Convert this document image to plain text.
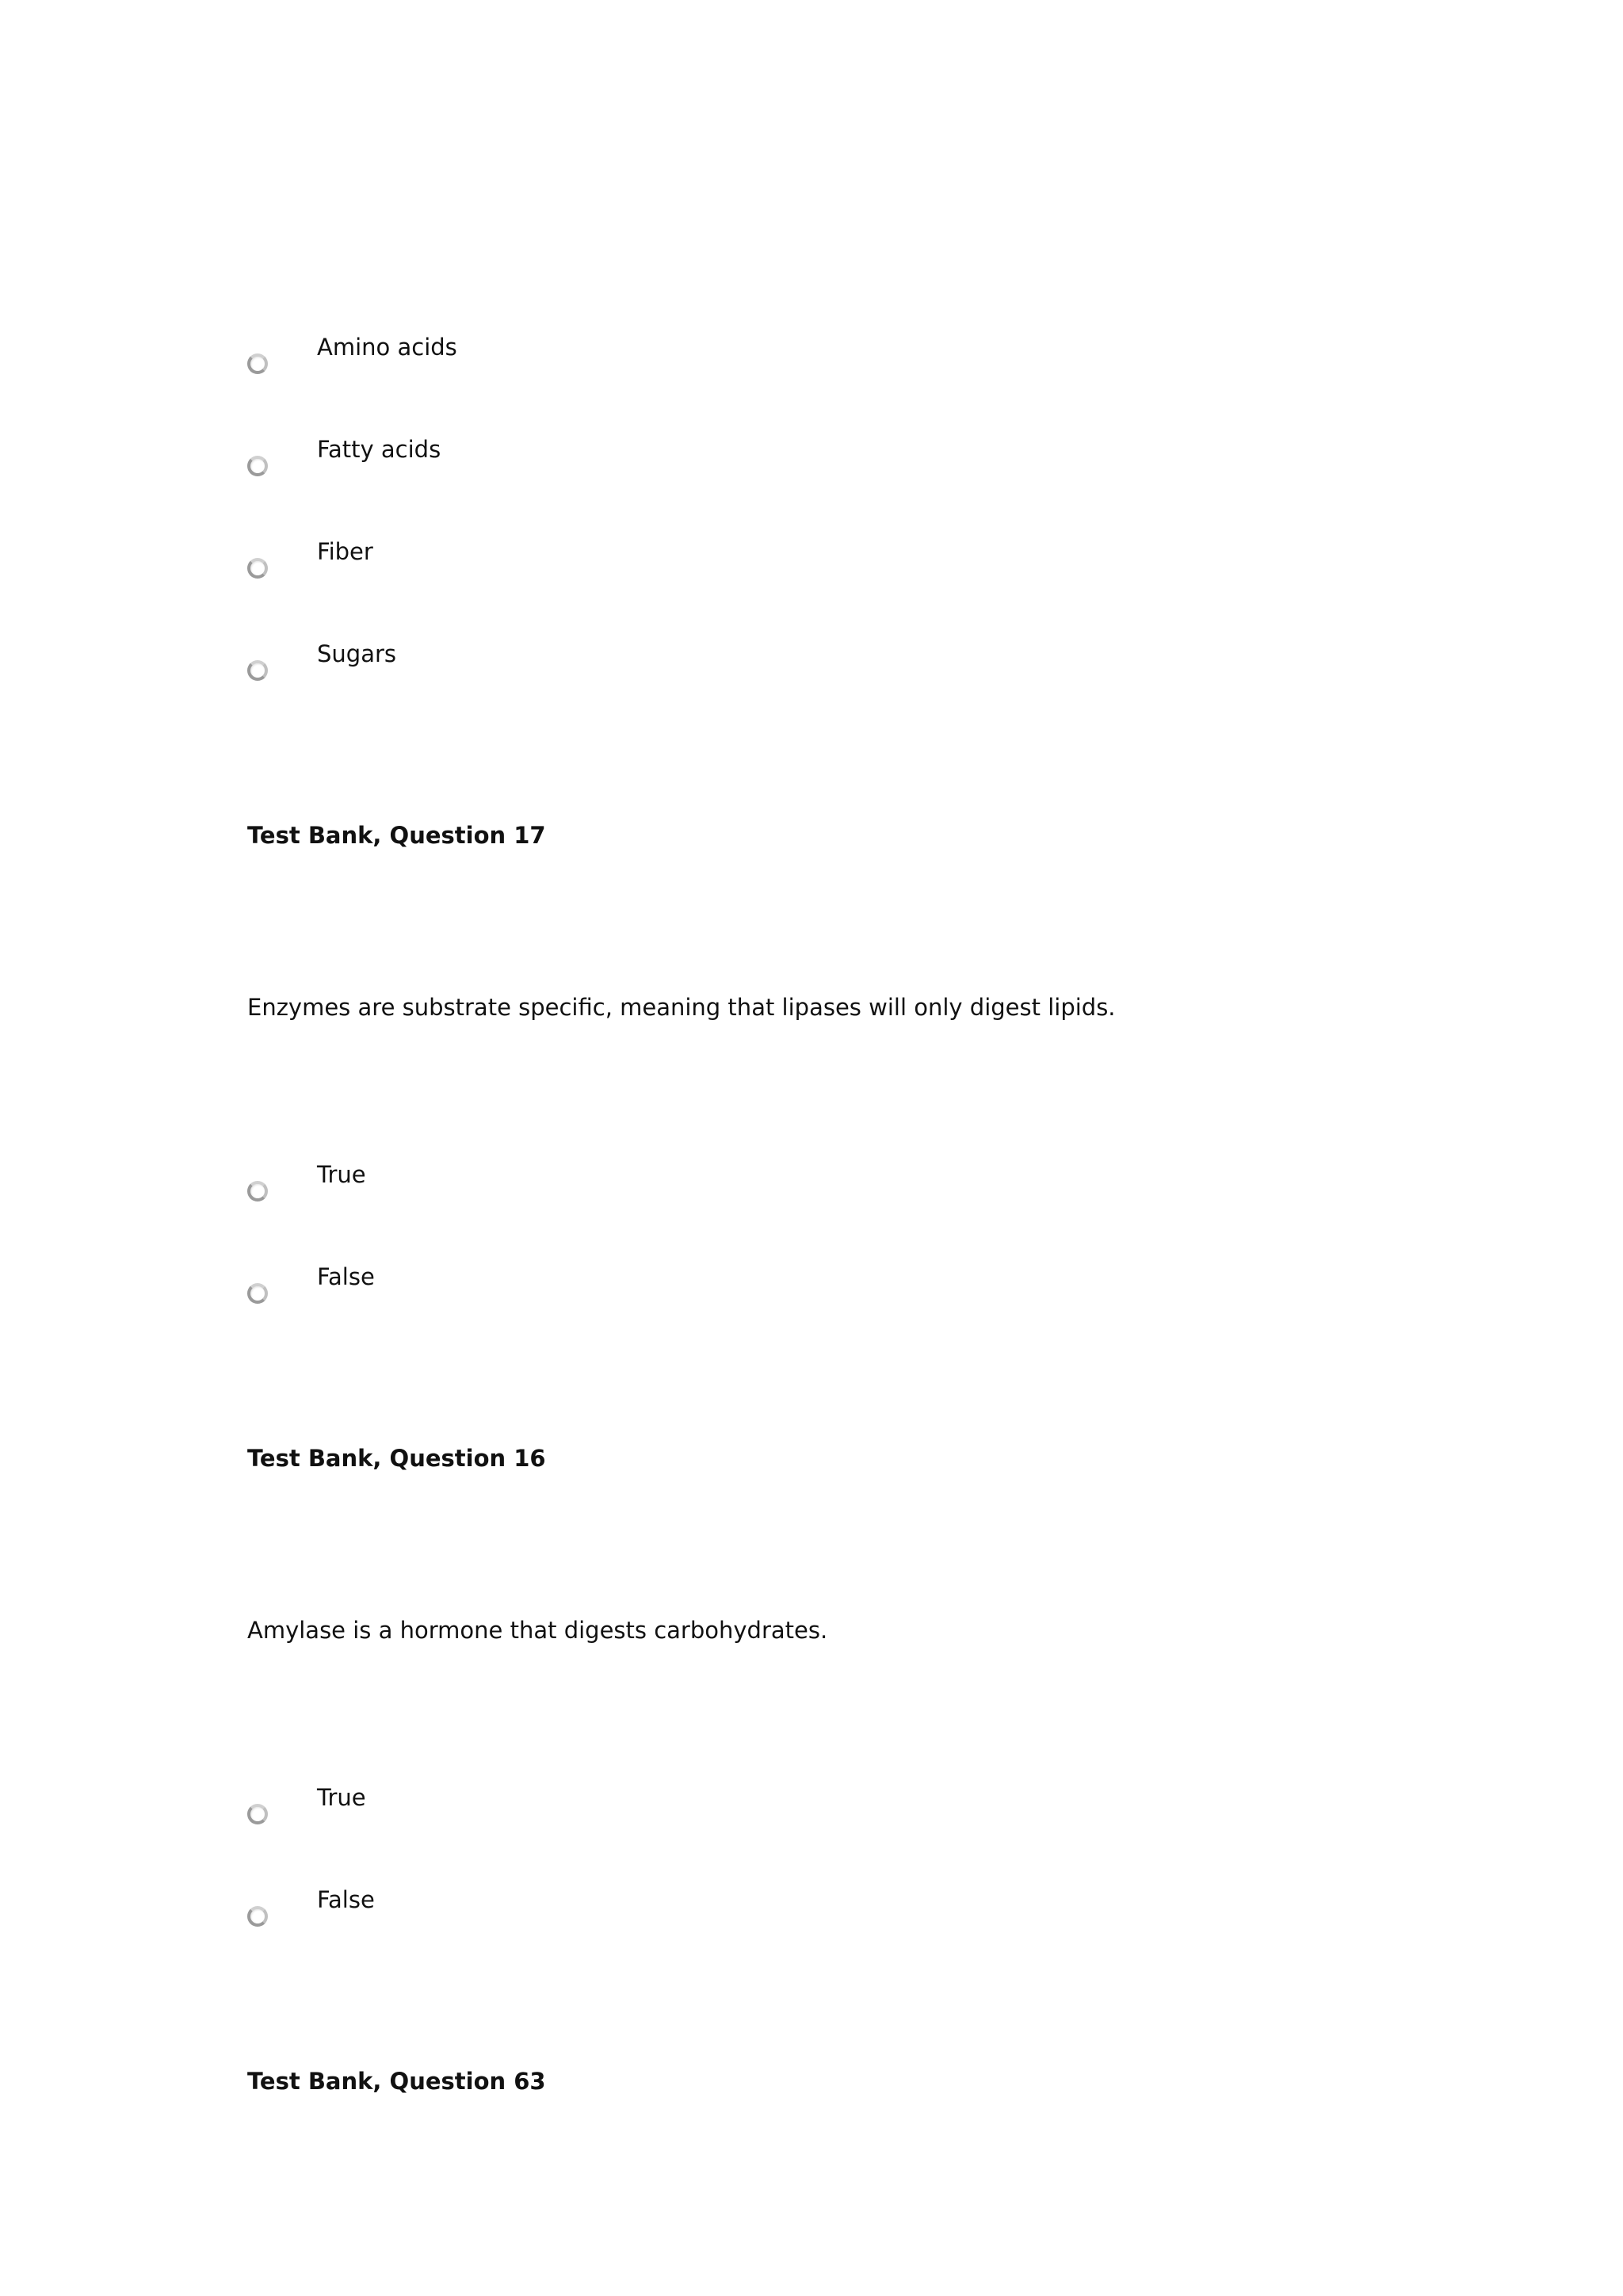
Amino acids
Fatty acids
Fiber
Sugars
Test Bank, Question 17
Enzymes are substrate specific, meaning that lipases will only digest lipids.
True
False
Test Bank, Question 16
Amylase is a hormone that digests carbohydrates.
True
False
Test Bank, Question 63
